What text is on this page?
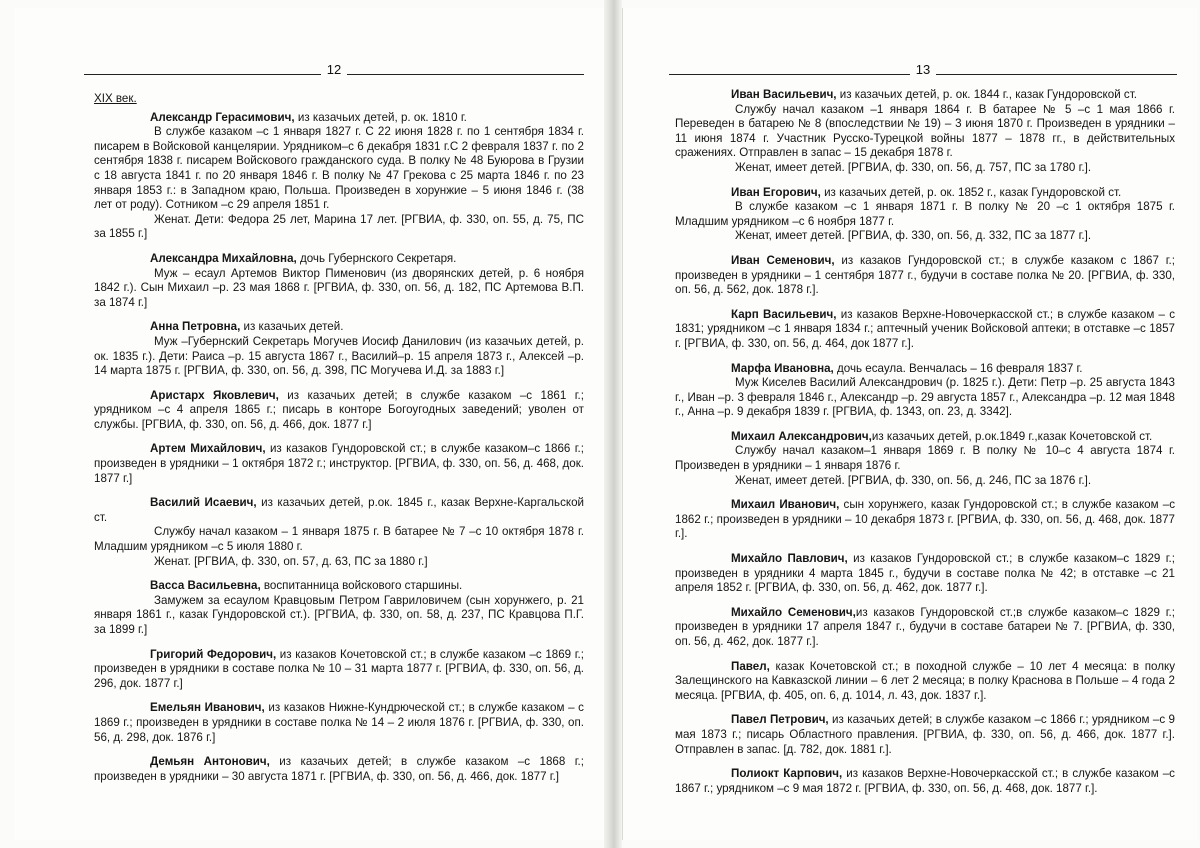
12

XIX век.

Александр Герасимович, из казачьих детей, р. ок. 1810 г.

В службе казаком –с 1 января 1827 г. С 22 июня 1828 г. по 1 сентября 1834 г. писарем в Войсковой канцелярии. Урядником–с 6 декабря 1831 г.С 2 февраля 1837 г. по 2 сентября 1838 г. писарем Войскового гражданского суда. В полку № 48 Буюрова в Грузии с 18 августа 1841 г. по 20 января 1846 г. В полку № 47 Грекова с 25 марта 1846 г. по 23 января 1853 г.: в Западном краю, Польша. Произведен в хорунжие – 5 июня 1846 г. (38 лет от роду). Сотником –с 29 апреля 1851 г.

Женат. Дети: Федора 25 лет, Марина 17 лет. [РГВИА, ф. 330, оп. 55, д. 75, ПС за 1855 г.]

Александра Михайловна, дочь Губернского Секретаря.

Муж – есаул Артемов Виктор Пименович (из дворянских детей, р. 6 ноября 1842 г.). Сын Михаил –р. 23 мая 1868 г. [РГВИА, ф. 330, оп. 56, д. 182, ПС Артемова В.П. за 1874 г.]

Анна Петровна, из казачьих детей.

Муж –Губернский Секретарь Могучев Иосиф Данилович (из казачьих детей, р. ок. 1835 г.). Дети: Раиса –р. 15 августа 1867 г., Василий–р. 15 апреля 1873 г., Алексей –р. 14 марта 1875 г. [РГВИА, ф. 330, оп. 56, д. 398, ПС Могучева И.Д. за 1883 г.]

Аристарх Яковлевич, из казачьих детей; в службе казаком –с 1861 г.; урядником –с 4 апреля 1865 г.; писарь в конторе Богоугодных заведений; уволен от службы. [РГВИА, ф. 330, оп. 56, д. 466, док. 1877 г.]

Артем Михайлович, из казаков Гундоровской ст.; в службе казаком–с 1866 г.; произведен в урядники – 1 октября 1872 г.; инструктор. [РГВИА, ф. 330, оп. 56, д. 468, док. 1877 г.]

Василий Исаевич, из казачьих детей, р.ок. 1845 г., казак Верхне-Каргальской ст.

Службу начал казаком – 1 января 1875 г. В батарее № 7 –с 10 октября 1878 г. Младшим урядником –с 5 июля 1880 г.

Женат. [РГВИА, ф. 330, оп. 57, д. 63, ПС за 1880 г.]

Васса Васильевна, воспитанница войскового старшины.

Замужем за есаулом Кравцовым Петром Гавриловичем (сын хорунжего, р. 21 января 1861 г., казак Гундоровской ст.). [РГВИА, ф. 330, оп. 58, д. 237, ПС Кравцова П.Г. за 1899 г.]

Григорий Федорович, из казаков Кочетовской ст.; в службе казаком –с 1869 г.; произведен в урядники в составе полка № 10 – 31 марта 1877 г. [РГВИА, ф. 330, оп. 56, д. 296, док. 1877 г.]

Емельян Иванович, из казаков Нижне-Кундрюческой ст.; в службе казаком – с 1869 г.; произведен в урядники в составе полка № 14 – 2 июля 1876 г. [РГВИА, ф. 330, оп. 56, д. 298, док. 1876 г.]

Демьян Антонович, из казачьих детей; в службе казаком –с 1868 г.; произведен в урядники – 30 августа 1871 г. [РГВИА, ф. 330, оп. 56, д. 466, док. 1877 г.]

13

Иван Васильевич, из казачьих детей, р. ок. 1844 г., казак Гундоровской ст.

Службу начал казаком –1 января 1864 г. В батарее № 5 –с 1 мая 1866 г. Переведен в батарею № 8 (впоследствии № 19) – 3 июня 1870 г. Произведен в урядники – 11 июня 1874 г. Участник Русско-Турецкой войны 1877 – 1878 гг., в действительных сражениях. Отправлен в запас – 15 декабря 1878 г.

Женат, имеет детей. [РГВИА, ф. 330, оп. 56, д. 757, ПС за 1780 г.].

Иван Егорович, из казачьих детей, р. ок. 1852 г., казак Гундоровской ст.

В службе казаком –с 1 января 1871 г. В полку № 20 –с 1 октября 1875 г. Младшим урядником –с 6 ноября 1877 г.

Женат, имеет детей. [РГВИА, ф. 330, оп. 56, д. 332, ПС за 1877 г.].

Иван Семенович, из казаков Гундоровской ст.; в службе казаком с 1867 г.; произведен в урядники – 1 сентября 1877 г., будучи в составе полка № 20. [РГВИА, ф. 330, оп. 56, д. 562, док. 1878 г.].

Карп Васильевич, из казаков Верхне-Новочеркасской ст.; в службе казаком – с 1831; урядником –с 1 января 1834 г.; аптечный ученик Войсковой аптеки; в отставке –с 1857 г. [РГВИА, ф. 330, оп. 56, д. 464, док 1877 г.].

Марфа Ивановна, дочь есаула. Венчалась – 16 февраля 1837 г.

Муж Киселев Василий Александрович (р. 1825 г.). Дети: Петр –р. 25 августа 1843 г., Иван –р. 3 февраля 1846 г., Александр –р. 29 августа 1857 г., Александра –р. 12 мая 1848 г., Анна –р. 9 декабря 1839 г. [РГВИА, ф. 1343, оп. 23, д. 3342].

Михаил Александрович,из казачьих детей, р.ок.1849 г.,казак Кочетовской ст.

Службу начал казаком–1 января 1869 г. В полку № 10–с 4 августа 1874 г. Произведен в урядники – 1 января 1876 г.

Женат, имеет детей. [РГВИА, ф. 330, оп. 56, д. 246, ПС за 1876 г.].

Михаил Иванович, сын хорунжего, казак Гундоровской ст.; в службе казаком –с 1862 г.; произведен в урядники – 10 декабря 1873 г. [РГВИА, ф. 330, оп. 56, д. 468, док. 1877 г.].

Михайло Павлович, из казаков Гундоровской ст.; в службе казаком–с 1829 г.; произведен в урядники 4 марта 1845 г., будучи в составе полка № 42; в отставке –с 21 апреля 1852 г. [РГВИА, ф. 330, оп. 56, д. 462, док. 1877 г.].

Михайло Семенович,из казаков Гундоровской ст.;в службе казаком–с 1829 г.; произведен в урядники 17 апреля 1847 г., будучи в составе батареи № 7. [РГВИА, ф. 330, оп. 56, д. 462, док. 1877 г.].

Павел, казак Кочетовской ст.; в походной службе – 10 лет 4 месяца: в полку Залещинского на Кавказской линии – 6 лет 2 месяца; в полку Краснова в Польше – 4 года 2 месяца. [РГВИА, ф. 405, оп. 6, д. 1014, л. 43, док. 1837 г.].

Павел Петрович, из казачьих детей; в службе казаком –с 1866 г.; урядником –с 9 мая 1873 г.; писарь Областного правления. [РГВИА, ф. 330, оп. 56, д. 466, док. 1877 г.]. Отправлен в запас. [д. 782, док. 1881 г.].

Полиокт Карпович, из казаков Верхне-Новочеркасской ст.; в службе казаком –с 1867 г.; урядником –с 9 мая 1872 г. [РГВИА, ф. 330, оп. 56, д. 468, док. 1877 г.].
